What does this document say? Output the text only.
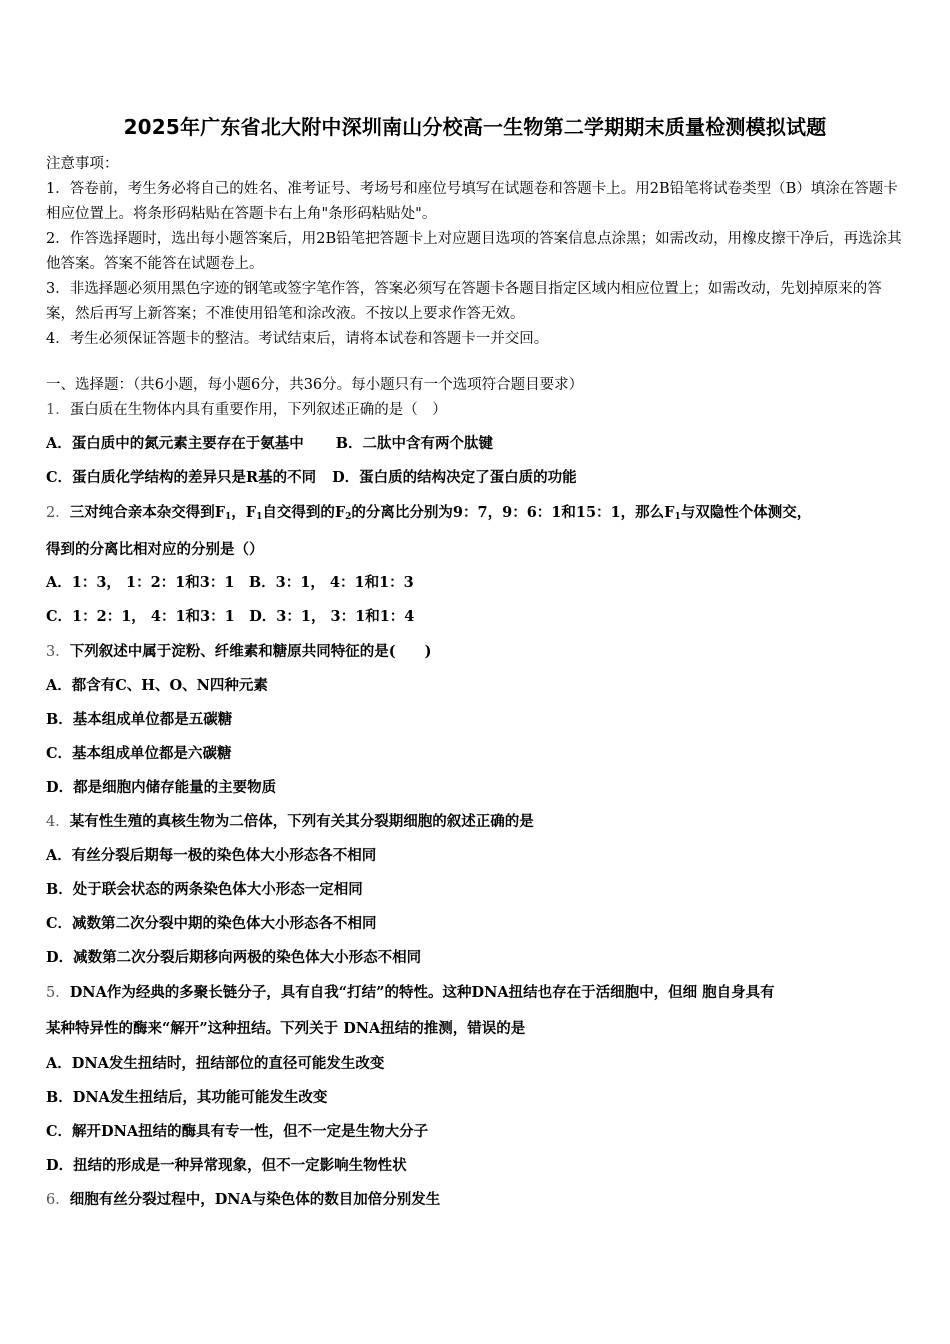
2025年广东省北大附中深圳南山分校高一生物第二学期期末质量检测模拟试题

注意事项：

1．答卷前，考生务必将自己的姓名、准考证号、考场号和座位号填写在试题卷和答题卡上。用2B铅笔将试卷类型（B）填涂在答题卡相应位置上。将条形码粘贴在答题卡右上角"条形码粘贴处"。

2．作答选择题时，选出每小题答案后，用2B铅笔把答题卡上对应题目选项的答案信息点涂黑；如需改动，用橡皮擦干净后，再选涂其他答案。答案不能答在试题卷上。

3．非选择题必须用黑色字迹的钢笔或签字笔作答，答案必须写在答题卡各题目指定区域内相应位置上；如需改动，先划掉原来的答案，然后再写上新答案；不准使用铅笔和涂改液。不按以上要求作答无效。

4．考生必须保证答题卡的整洁。考试结束后，请将本试卷和答题卡一并交回。

一、选择题：（共6小题，每小题6分，共36分。每小题只有一个选项符合题目要求）
1．蛋白质在生物体内具有重要作用，下列叙述正确的是（　）
A．蛋白质中的氮元素主要存在于氨基中 B．二肽中含有两个肽键
C．蛋白质化学结构的差异只是R基的不同 D．蛋白质的结构决定了蛋白质的功能
2．三对纯合亲本杂交得到$F_1$，$F_1$自交得到的$F_2$的分离比分别为9：7，9：6：1和15：1，那么$F_1$与双隐性个体测交，
得到的分离比相对应的分别是（）
A．1：3， 1：2：1和3：1　B．3：1， 4：1和1：3
C．1：2：1， 4：1和3：1　D．3：1， 3：1和1：4
3．下列叙述中属于淀粉、纤维素和糖原共同特征的是(　　)
A．都含有C、H、O、N四种元素
B．基本组成单位都是五碳糖
C．基本组成单位都是六碳糖
D．都是细胞内储存能量的主要物质
4．某有性生殖的真核生物为二倍体，下列有关其分裂期细胞的叙述正确的是
A．有丝分裂后期每一极的染色体大小形态各不相同
B．处于联会状态的两条染色体大小形态一定相同
C．减数第二次分裂中期的染色体大小形态各不相同
D．减数第二次分裂后期移向两极的染色体大小形态不相同
5．DNA作为经典的多聚长链分子，具有自我“打结”的特性。这种DNA扭结也存在于活细胞中，但细 胞自身具有
某种特异性的酶来“解开”这种扭结。下列关于 DNA扭结的推测，错误的是
A．DNA发生扭结时，扭结部位的直径可能发生改变
B．DNA发生扭结后，其功能可能发生改变
C．解开DNA扭结的酶具有专一性，但不一定是生物大分子
D．扭结的形成是一种异常现象，但不一定影响生物性状
6．细胞有丝分裂过程中，DNA与染色体的数目加倍分别发生
